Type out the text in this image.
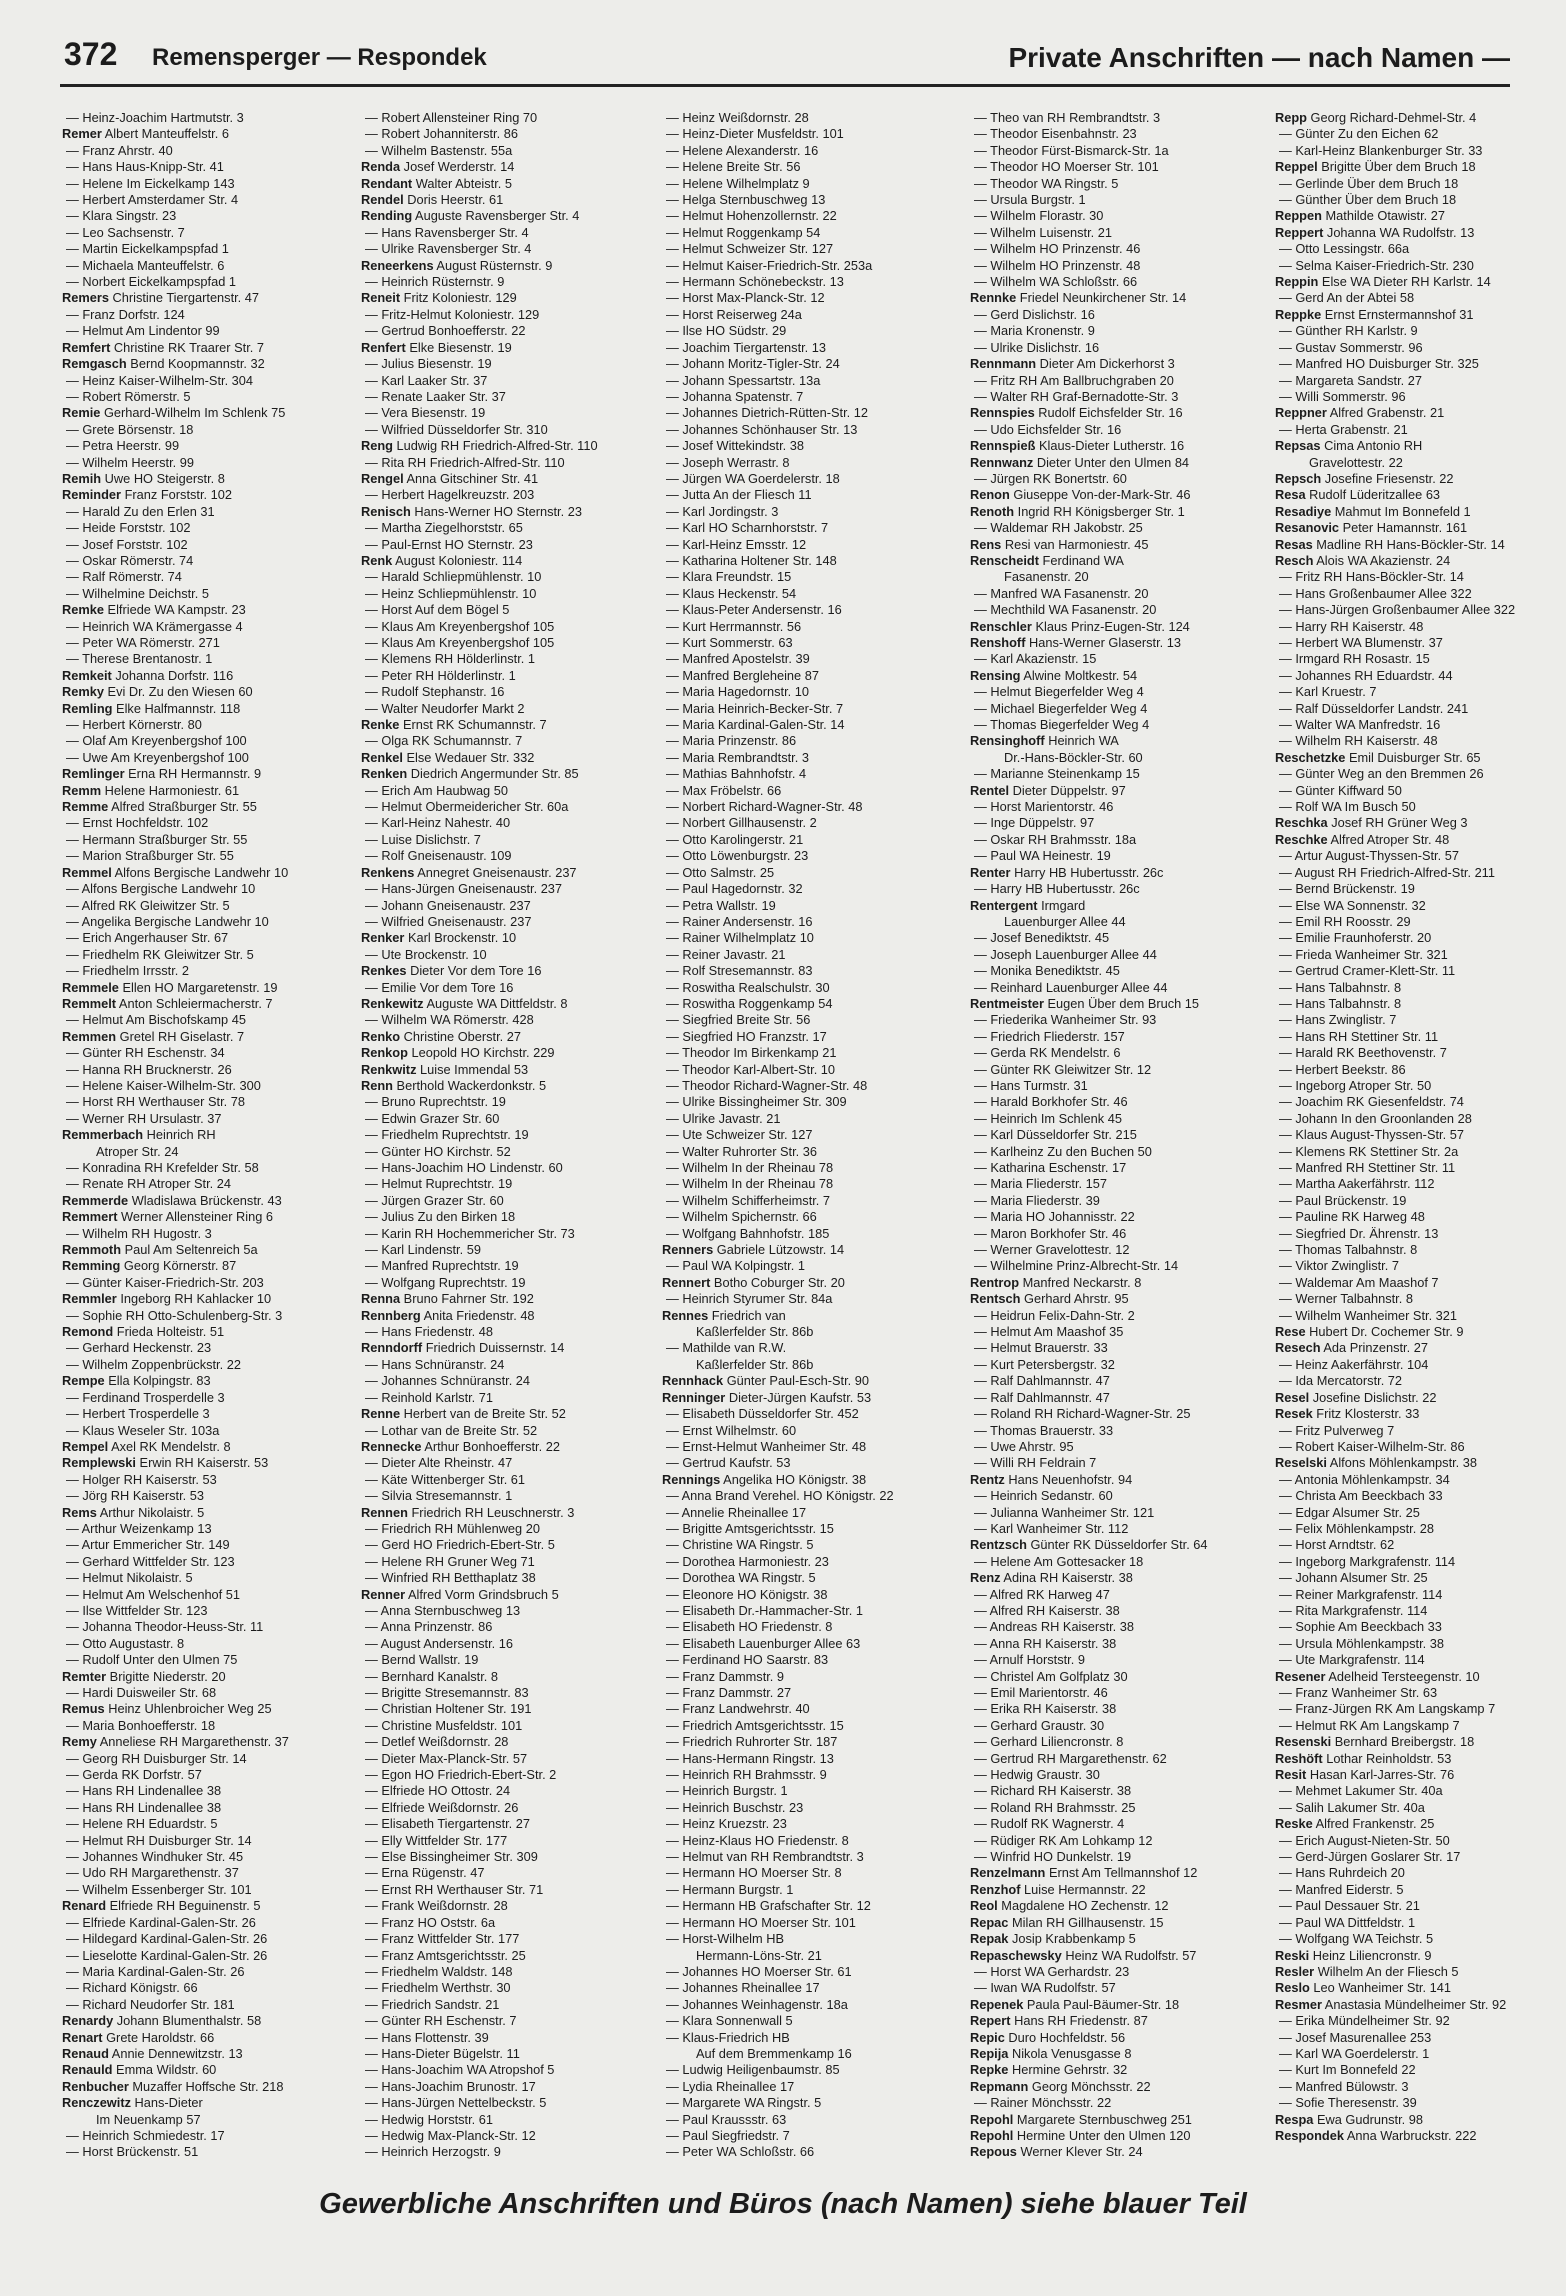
372 Remensperger — Respondek	Private Anschriften — nach Namen —
— Heinz-Joachim Hartmutstr. 3
Remer Albert Manteuffelstr. 6
— Franz Ahrstr. 40
— Hans Haus-Knipp-Str. 41
— Helene Im Eickelkamp 143
— Herbert Amsterdamer Str. 4
— Klara Singstr. 23
— Leo Sachsenstr. 7
— Martin Eickelkampspfad 1
— Michaela Manteuffelstr. 6
— Norbert Eickelkampspfad 1
Remers Christine Tiergartenstr. 47
— Franz Dorfstr. 124
— Helmut Am Lindentor 99
Remfert Christine RK Traarer Str. 7
Remgasch Bernd Koopmannstr. 32
— Heinz Kaiser-Wilhelm-Str. 304
— Robert Römerstr. 5
Remie Gerhard-Wilhelm Im Schlenk 75
— Grete Börsenstr. 18
— Petra Heerstr. 99
— Wilhelm Heerstr. 99
Remih Uwe HO Steigerstr. 8
Reminder Franz Forststr. 102
— Harald Zu den Erlen 31
— Heide Forststr. 102
— Josef Forststr. 102
— Oskar Römerstr. 74
— Ralf Römerstr. 74
— Wilhelmine Deichstr. 5
Remke Elfriede WA Kampstr. 23
— Heinrich WA Krämergasse 4
— Peter WA Römerstr. 271
— Therese Brentanostr. 1
Remkeit Johanna Dorfstr. 116
Remky Evi Dr. Zu den Wiesen 60
Remling Elke Halfmannstr. 118
— Herbert Körnerstr. 80
— Olaf Am Kreyenbergshof 100
— Uwe Am Kreyenbergshof 100
Remlinger Erna RH Hermannstr. 9
Remm Helene Harmoniestr. 61
Remme Alfred Straßburger Str. 55
— Ernst Hochfeldstr. 102
— Hermann Straßburger Str. 55
— Marion Straßburger Str. 55
Remmel Alfons Bergische Landwehr 10
— Alfons Bergische Landwehr 10
— Alfred RK Gleiwitzer Str. 5
— Angelika Bergische Landwehr 10
— Erich Angerhauser Str. 67
— Friedhelm RK Gleiwitzer Str. 5
— Friedhelm Irrsstr. 2
Remmele Ellen HO Margaretenstr. 19
Remmelt Anton Schleiermacherstr. 7
— Helmut Am Bischofskamp 45
Remmen Gretel RH Giselastr. 7
— Günter RH Eschenstr. 34
— Hanna RH Brucknerstr. 26
— Helene Kaiser-Wilhelm-Str. 300
— Horst RH Werthauser Str. 78
— Werner RH Ursulastr. 37
Remmerbach Heinrich RH
Atroper Str. 24
— Konradina RH Krefelder Str. 58
— Renate RH Atroper Str. 24
Remmerde Wladislawa Brückenstr. 43
Remmert Werner Allensteiner Ring 6
— Wilhelm RH Hugostr. 3
Remmoth Paul Am Seltenreich 5a
Remming Georg Körnerstr. 87
— Günter Kaiser-Friedrich-Str. 203
Remmler Ingeborg RH Kahlacker 10
— Sophie RH Otto-Schulenberg-Str. 3
Remond Frieda Holteistr. 51
— Gerhard Heckenstr. 23
— Wilhelm Zoppenbrückstr. 22
Rempe Ella Kolpingstr. 83
— Ferdinand Trosperdelle 3
— Herbert Trosperdelle 3
— Klaus Weseler Str. 103a
Rempel Axel RK Mendelstr. 8
Remplewski Erwin RH Kaiserstr. 53
— Holger RH Kaiserstr. 53
— Jörg RH Kaiserstr. 53
Rems Arthur Nikolaistr. 5
— Arthur Weizenkamp 13
— Artur Emmericher Str. 149
— Gerhard Wittfelder Str. 123
— Helmut Nikolaistr. 5
— Helmut Am Welschenhof 51
— Ilse Wittfelder Str. 123
— Johanna Theodor-Heuss-Str. 11
— Otto Augustastr. 8
— Rudolf Unter den Ulmen 75
Remter Brigitte Niederstr. 20
— Hardi Duisweiler Str. 68
Remus Heinz Uhlenbroicher Weg 25
— Maria Bonhoefferstr. 18
Remy Anneliese RH Margarethenstr. 37
— Georg RH Duisburger Str. 14
— Gerda RK Dorfstr. 57
— Hans RH Lindenallee 38
— Hans RH Lindenallee 38
— Helene RH Eduardstr. 5
— Helmut RH Duisburger Str. 14
— Johannes Windhuker Str. 45
— Udo RH Margarethenstr. 37
— Wilhelm Essenberger Str. 101
Renard Elfriede RH Beguinenstr. 5
— Elfriede Kardinal-Galen-Str. 26
— Hildegard Kardinal-Galen-Str. 26
— Lieselotte Kardinal-Galen-Str. 26
— Maria Kardinal-Galen-Str. 26
— Richard Königstr. 66
— Richard Neudorfer Str. 181
Renardy Johann Blumenthalstr. 58
Renart Grete Haroldstr. 66
Renaud Annie Dennewitzstr. 13
Renauld Emma Wildstr. 60
Renbucher Muzaffer Hoffsche Str. 218
Renczewitz Hans-Dieter
Im Neuenkamp 57
— Heinrich Schmiedestr. 17
— Horst Brückenstr. 51
— Robert Allensteiner Ring 70
— Robert Johanniterstr. 86
— Wilhelm Bastenstr. 55a
Renda Josef Werderstr. 14
Rendant Walter Abteistr. 5
Rendel Doris Heerstr. 61
Rending Auguste Ravensberger Str. 4
— Hans Ravensberger Str. 4
— Ulrike Ravensberger Str. 4
Reneerkens August Rüsternstr. 9
— Heinrich Rüsternstr. 9
Reneit Fritz Koloniestr. 129
— Fritz-Helmut Koloniestr. 129
— Gertrud Bonhoefferstr. 22
Renfert Elke Biesenstr. 19
— Julius Biesenstr. 19
— Karl Laaker Str. 37
— Renate Laaker Str. 37
— Vera Biesenstr. 19
— Wilfried Düsseldorfer Str. 310
Reng Ludwig RH Friedrich-Alfred-Str. 110
— Rita RH Friedrich-Alfred-Str. 110
Rengel Anna Gitschiner Str. 41
— Herbert Hagelkreuzstr. 203
Renisch Hans-Werner HO Sternstr. 23
— Martha Ziegelhorststr. 65
— Paul-Ernst HO Sternstr. 23
Renk August Koloniestr. 114
— Harald Schliepmühlenstr. 10
— Heinz Schliepmühlenstr. 10
— Horst Auf dem Bögel 5
— Klaus Am Kreyenbergshof 105
— Klaus Am Kreyenbergshof 105
— Klemens RH Hölderlinstr. 1
— Peter RH Hölderlinstr. 1
— Rudolf Stephanstr. 16
— Walter Neudorfer Markt 2
Renke Ernst RK Schumannstr. 7
— Olga RK Schumannstr. 7
Renkel Else Wedauer Str. 332
Renken Diedrich Angermunder Str. 85
— Erich Am Haubwag 50
— Helmut Obermeidericher Str. 60a
— Karl-Heinz Nahestr. 40
— Luise Dislichstr. 7
— Rolf Gneisenaustr. 109
Renkens Annegret Gneisenaustr. 237
— Hans-Jürgen Gneisenaustr. 237
— Johann Gneisenaustr. 237
— Wilfried Gneisenaustr. 237
Renker Karl Brockenstr. 10
— Ute Brockenstr. 10
Renkes Dieter Vor dem Tore 16
— Emilie Vor dem Tore 16
Renkewitz Auguste WA Dittfeldstr. 8
— Wilhelm WA Römerstr. 428
Renko Christine Oberstr. 27
Renkop Leopold HO Kirchstr. 229
Renkwitz Luise Immendal 53
Renn Berthold Wackerdonkstr. 5
— Bruno Ruprechtstr. 19
— Edwin Grazer Str. 60
— Friedhelm Ruprechtstr. 19
— Günter HO Kirchstr. 52
— Hans-Joachim HO Lindenstr. 60
— Helmut Ruprechtstr. 19
— Jürgen Grazer Str. 60
— Julius Zu den Birken 18
— Karin RH Hochemmericher Str. 73
— Karl Lindenstr. 59
— Manfred Ruprechtstr. 19
— Wolfgang Ruprechtstr. 19
Renna Bruno Fahrner Str. 192
Rennberg Anita Friedenstr. 48
— Hans Friedenstr. 48
Renndorff Friedrich Duissernstr. 14
— Hans Schnüranstr. 24
— Johannes Schnüranstr. 24
— Reinhold Karlstr. 71
Renne Herbert van de Breite Str. 52
— Lothar van de Breite Str. 52
Rennecke Arthur Bonhoefferstr. 22
— Dieter Alte Rheinstr. 47
— Käte Wittenberger Str. 61
— Silvia Stresemannstr. 1
Rennen Friedrich RH Leuschnerstr. 3
— Friedrich RH Mühlenweg 20
— Gerd HO Friedrich-Ebert-Str. 5
— Helene RH Gruner Weg 71
— Winfried RH Betthaplatz 38
Renner Alfred Vorm Grindsbruch 5
— Anna Sternbuschweg 13
— Anna Prinzenstr. 86
— August Andersenstr. 16
— Bernd Wallstr. 19
— Bernhard Kanalstr. 8
— Brigitte Stresemannstr. 83
— Christian Holtener Str. 191
— Christine Musfeldstr. 101
— Detlef Weißdornstr. 28
— Dieter Max-Planck-Str. 57
— Egon HO Friedrich-Ebert-Str. 2
— Elfriede HO Ottostr. 24
— Elfriede Weißdornstr. 26
— Elisabeth Tiergartenstr. 27
— Elly Wittfelder Str. 177
— Else Bissingheimer Str. 309
— Erna Rügenstr. 47
— Ernst RH Werthauser Str. 71
— Frank Weißdornstr. 28
— Franz HO Oststr. 6a
— Franz Wittfelder Str. 177
— Franz Amtsgerichtsstr. 25
— Friedhelm Waldstr. 148
— Friedhelm Werthstr. 30
— Friedrich Sandstr. 21
— Günter RH Eschenstr. 7
— Hans Flottenstr. 39
— Hans-Dieter Bügelstr. 11
— Hans-Joachim WA Atropshof 5
— Hans-Joachim Brunostr. 17
— Hans-Jürgen Nettelbeckstr. 5
— Hedwig Horststr. 61
— Hedwig Max-Planck-Str. 12
— Heinrich Herzogstr. 9
— Heinz Weißdornstr. 28
— Heinz-Dieter Musfeldstr. 101
— Helene Alexanderstr. 16
— Helene Breite Str. 56
— Helene Wilhelmplatz 9
— Helga Sternbuschweg 13
— Helmut Hohenzollernstr. 22
— Helmut Roggenkamp 54
— Helmut Schweizer Str. 127
— Helmut Kaiser-Friedrich-Str. 253a
— Hermann Schönebeckstr. 13
— Horst Max-Planck-Str. 12
— Horst Reiserweg 24a
— Ilse HO Südstr. 29
— Joachim Tiergartenstr. 13
— Johann Moritz-Tigler-Str. 24
— Johann Spessartstr. 13a
— Johanna Spatenstr. 7
— Johannes Dietrich-Rütten-Str. 12
— Johannes Schönhauser Str. 13
— Josef Wittekindstr. 38
— Joseph Werrastr. 8
— Jürgen WA Goerdelerstr. 18
— Jutta An der Fliesch 11
— Karl Jordingstr. 3
— Karl HO Scharnhorststr. 7
— Karl-Heinz Emsstr. 12
— Katharina Holtener Str. 148
— Klara Freundstr. 15
— Klaus Heckenstr. 54
— Klaus-Peter Andersenstr. 16
— Kurt Herrmannstr. 56
— Kurt Sommerstr. 63
— Manfred Apostelstr. 39
— Manfred Bergleheine 87
— Maria Hagedornstr. 10
— Maria Heinrich-Becker-Str. 7
— Maria Kardinal-Galen-Str. 14
— Maria Prinzenstr. 86
— Maria Rembrandtstr. 3
— Mathias Bahnhofstr. 4
— Max Fröbelstr. 66
— Norbert Richard-Wagner-Str. 48
— Norbert Gillhausenstr. 2
— Otto Karolingerstr. 21
— Otto Löwenburgstr. 23
— Otto Salmstr. 25
— Paul Hagedornstr. 32
— Petra Wallstr. 19
— Rainer Andersenstr. 16
— Rainer Wilhelmplatz 10
— Reiner Javastr. 21
— Rolf Stresemannstr. 83
— Roswitha Realschulstr. 30
— Roswitha Roggenkamp 54
— Siegfried Breite Str. 56
— Siegfried HO Franzstr. 17
— Theodor Im Birkenkamp 21
— Theodor Karl-Albert-Str. 10
— Theodor Richard-Wagner-Str. 48
— Ulrike Bissingheimer Str. 309
— Ulrike Javastr. 21
— Ute Schweizer Str. 127
— Walter Ruhrorter Str. 36
— Wilhelm In der Rheinau 78
— Wilhelm In der Rheinau 78
— Wilhelm Schifferheimstr. 7
— Wilhelm Spichernstr. 66
— Wolfgang Bahnhofstr. 185
Renners Gabriele Lützowstr. 14
— Paul WA Kolpingstr. 1
Rennert Botho Coburger Str. 20
— Heinrich Styrumer Str. 84a
Rennes Friedrich van
Kaßlerfelder Str. 86b
— Mathilde van R.W.
Kaßlerfelder Str. 86b
Rennhack Günter Paul-Esch-Str. 90
Renninger Dieter-Jürgen Kaufstr. 53
— Elisabeth Düsseldorfer Str. 452
— Ernst Wilhelmstr. 60
— Ernst-Helmut Wanheimer Str. 48
— Gertrud Kaufstr. 53
Rennings Angelika HO Königstr. 38
— Anna Brand Verehel. HO Königstr. 22
— Annelie Rheinallee 17
— Brigitte Amtsgerichtsstr. 15
— Christine WA Ringstr. 5
— Dorothea Harmoniestr. 23
— Dorothea WA Ringstr. 5
— Eleonore HO Königstr. 38
— Elisabeth Dr.-Hammacher-Str. 1
— Elisabeth HO Friedenstr. 8
— Elisabeth Lauenburger Allee 63
— Ferdinand HO Saarstr. 83
— Franz Dammstr. 9
— Franz Dammstr. 27
— Franz Landwehrstr. 40
— Friedrich Amtsgerichtsstr. 15
— Friedrich Ruhrorter Str. 187
— Hans-Hermann Ringstr. 13
— Heinrich RH Brahmsstr. 9
— Heinrich Burgstr. 1
— Heinrich Buschstr. 23
— Heinz Kruezstr. 23
— Heinz-Klaus HO Friedenstr. 8
— Helmut van RH Rembrandtstr. 3
— Hermann HO Moerser Str. 8
— Hermann Burgstr. 1
— Hermann HB Grafschafter Str. 12
— Hermann HO Moerser Str. 101
— Horst-Wilhelm HB
Hermann-Löns-Str. 21
— Johannes HO Moerser Str. 61
— Johannes Rheinallee 17
— Johannes Weinhagenstr. 18a
— Klara Sonnenwall 5
— Klaus-Friedrich HB
Auf dem Bremmenkamp 16
— Ludwig Heiligenbaumstr. 85
— Lydia Rheinallee 17
— Margarete WA Ringstr. 5
— Paul Kraussstr. 63
— Paul Siegfriedstr. 7
— Peter WA Schloßstr. 66
— Theo van RH Rembrandtstr. 3
— Theodor Eisenbahnstr. 23
— Theodor Fürst-Bismarck-Str. 1a
— Theodor HO Moerser Str. 101
— Theodor WA Ringstr. 5
— Ursula Burgstr. 1
— Wilhelm Florastr. 30
— Wilhelm Luisenstr. 21
— Wilhelm HO Prinzenstr. 46
— Wilhelm HO Prinzenstr. 48
— Wilhelm WA Schloßstr. 66
Rennke Friedel Neunkirchener Str. 14
— Gerd Dislichstr. 16
— Maria Kronenstr. 9
— Ulrike Dislichstr. 16
Rennmann Dieter Am Dickerhorst 3
— Fritz RH Am Ballbruchgraben 20
— Walter RH Graf-Bernadotte-Str. 3
Rennspies Rudolf Eichsfelder Str. 16
— Udo Eichsfelder Str. 16
Rennspieß Klaus-Dieter Lutherstr. 16
Rennwanz Dieter Unter den Ulmen 84
— Jürgen RK Bonertstr. 60
Renon Giuseppe Von-der-Mark-Str. 46
Renoth Ingrid RH Königsberger Str. 1
— Waldemar RH Jakobstr. 25
Rens Resi van Harmoniestr. 45
Renscheidt Ferdinand WA
Fasanenstr. 20
— Manfred WA Fasanenstr. 20
— Mechthild WA Fasanenstr. 20
Renschler Klaus Prinz-Eugen-Str. 124
Renshoff Hans-Werner Glaserstr. 13
— Karl Akazienstr. 15
Rensing Alwine Moltkestr. 54
— Helmut Biegerfelder Weg 4
— Michael Biegerfelder Weg 4
— Thomas Biegerfelder Weg 4
Rensinghoff Heinrich WA
Dr.-Hans-Böckler-Str. 60
— Marianne Steinenkamp 15
Rentel Dieter Düppelstr. 97
— Horst Marientorstr. 46
— Inge Düppelstr. 97
— Oskar RH Brahmsstr. 18a
— Paul WA Heinestr. 19
Renter Harry HB Hubertusstr. 26c
— Harry HB Hubertusstr. 26c
Rentergent Irmgard
Lauenburger Allee 44
— Josef Benediktstr. 45
— Joseph Lauenburger Allee 44
— Monika Benediktstr. 45
— Reinhard Lauenburger Allee 44
Rentmeister Eugen Über dem Bruch 15
— Friederika Wanheimer Str. 93
— Friedrich Fliederstr. 157
— Gerda RK Mendelstr. 6
— Günter RK Gleiwitzer Str. 12
— Hans Turmstr. 31
— Harald Borkhofer Str. 46
— Heinrich Im Schlenk 45
— Karl Düsseldorfer Str. 215
— Karlheinz Zu den Buchen 50
— Katharina Eschenstr. 17
— Maria Fliederstr. 157
— Maria Fliederstr. 39
— Maria HO Johannisstr. 22
— Maron Borkhofer Str. 46
— Werner Gravelottestr. 12
— Wilhelmine Prinz-Albrecht-Str. 14
Rentrop Manfred Neckarstr. 8
Rentsch Gerhard Ahrstr. 95
— Heidrun Felix-Dahn-Str. 2
— Helmut Am Maashof 35
— Helmut Brauerstr. 33
— Kurt Petersbergstr. 32
— Ralf Dahlmannstr. 47
— Ralf Dahlmannstr. 47
— Roland RH Richard-Wagner-Str. 25
— Thomas Brauerstr. 33
— Uwe Ahrstr. 95
— Willi RH Feldrain 7
Rentz Hans Neuenhofstr. 94
— Heinrich Sedanstr. 60
— Julianna Wanheimer Str. 121
— Karl Wanheimer Str. 112
Rentzsch Günter RK Düsseldorfer Str. 64
— Helene Am Gottesacker 18
Renz Adina RH Kaiserstr. 38
— Alfred RK Harweg 47
— Alfred RH Kaiserstr. 38
— Andreas RH Kaiserstr. 38
— Anna RH Kaiserstr. 38
— Arnulf Horststr. 9
— Christel Am Golfplatz 30
— Emil Marientorstr. 46
— Erika RH Kaiserstr. 38
— Gerhard Graustr. 30
— Gerhard Liliencronstr. 8
— Gertrud RH Margarethenstr. 62
— Hedwig Graustr. 30
— Richard RH Kaiserstr. 38
— Roland RH Brahmsstr. 25
— Rudolf RK Wagnerstr. 4
— Rüdiger RK Am Lohkamp 12
— Winfrid HO Dunkelstr. 19
Renzelmann Ernst Am Tellmannshof 12
Renzhof Luise Hermannstr. 22
Reol Magdalene HO Zechenstr. 12
Repac Milan RH Gillhausenstr. 15
Repak Josip Krabbenkamp 5
Repaschewsky Heinz WA Rudolfstr. 57
— Horst WA Gerhardstr. 23
— Iwan WA Rudolfstr. 57
Repenek Paula Paul-Bäumer-Str. 18
Repert Hans RH Friedenstr. 87
Repic Duro Hochfeldstr. 56
Repija Nikola Venusgasse 8
Repke Hermine Gehrstr. 32
Repmann Georg Mönchsstr. 22
— Rainer Mönchsstr. 22
Repohl Margarete Sternbuschweg 251
Repohl Hermine Unter den Ulmen 120
Repous Werner Klever Str. 24
Repp Georg Richard-Dehmel-Str. 4
— Günter Zu den Eichen 62
— Karl-Heinz Blankenburger Str. 33
Reppel Brigitte Über dem Bruch 18
— Gerlinde Über dem Bruch 18
— Günther Über dem Bruch 18
Reppen Mathilde Otawistr. 27
Reppert Johanna WA Rudolfstr. 13
— Otto Lessingstr. 66a
— Selma Kaiser-Friedrich-Str. 230
Reppin Else WA Dieter RH Karlstr. 14
— Gerd An der Abtei 58
Reppke Ernst Ernstermannshof 31
— Günther RH Karlstr. 9
— Gustav Sommerstr. 96
— Manfred HO Duisburger Str. 325
— Margareta Sandstr. 27
— Willi Sommerstr. 96
Reppner Alfred Grabenstr. 21
— Herta Grabenstr. 21
Repsas Cima Antonio RH
Gravelottestr. 22
Repsch Josefine Friesenstr. 22
Resa Rudolf Lüderitzallee 63
Resadiye Mahmut Im Bonnefeld 1
Resanovic Peter Hamannstr. 161
Resas Madline RH Hans-Böckler-Str. 14
Resch Alois WA Akazienstr. 24
— Fritz RH Hans-Böckler-Str. 14
— Hans Großenbaumer Allee 322
— Hans-Jürgen Großenbaumer Allee 322
— Harry RH Kaiserstr. 48
— Herbert WA Blumenstr. 37
— Irmgard RH Rosastr. 15
— Johannes RH Eduardstr. 44
— Karl Kruestr. 7
— Ralf Düsseldorfer Landstr. 241
— Walter WA Manfredstr. 16
— Wilhelm RH Kaiserstr. 48
Reschetzke Emil Duisburger Str. 65
— Günter Weg an den Bremmen 26
— Günter Kiffward 50
— Rolf WA Im Busch 50
Reschka Josef RH Grüner Weg 3
Reschke Alfred Atroper Str. 48
— Artur August-Thyssen-Str. 57
— August RH Friedrich-Alfred-Str. 211
— Bernd Brückenstr. 19
— Else WA Sonnenstr. 32
— Emil RH Roosstr. 29
— Emilie Fraunhoferstr. 20
— Frieda Wanheimer Str. 321
— Gertrud Cramer-Klett-Str. 11
— Hans Talbahnstr. 8
— Hans Talbahnstr. 8
— Hans Zwinglistr. 7
— Hans RH Stettiner Str. 11
— Harald RK Beethovenstr. 7
— Herbert Beekstr. 86
— Ingeborg Atroper Str. 50
— Joachim RK Giesenfeldstr. 74
— Johann In den Groonlanden 28
— Klaus August-Thyssen-Str. 57
— Klemens RK Stettiner Str. 2a
— Manfred RH Stettiner Str. 11
— Martha Aakerfährstr. 112
— Paul Brückenstr. 19
— Pauline RK Harweg 48
— Siegfried Dr. Ährenstr. 13
— Thomas Talbahnstr. 8
— Viktor Zwinglistr. 7
— Waldemar Am Maashof 7
— Werner Talbahnstr. 8
— Wilhelm Wanheimer Str. 321
Rese Hubert Dr. Cochemer Str. 9
Resech Ada Prinzenstr. 27
— Heinz Aakerfährstr. 104
— Ida Mercatorstr. 72
Resel Josefine Dislichstr. 22
Resek Fritz Klosterstr. 33
— Fritz Pulverweg 7
— Robert Kaiser-Wilhelm-Str. 86
Reselski Alfons Möhlenkampstr. 38
— Antonia Möhlenkampstr. 34
— Christa Am Beeckbach 33
— Edgar Alsumer Str. 25
— Felix Möhlenkampstr. 28
— Horst Arndtstr. 62
— Ingeborg Markgrafenstr. 114
— Johann Alsumer Str. 25
— Reiner Markgrafenstr. 114
— Rita Markgrafenstr. 114
— Sophie Am Beeckbach 33
— Ursula Möhlenkampstr. 38
— Ute Markgrafenstr. 114
Resener Adelheid Tersteegenstr. 10
— Franz Wanheimer Str. 63
— Franz-Jürgen RK Am Langskamp 7
— Helmut RK Am Langskamp 7
Resenski Bernhard Breibergstr. 18
Reshöft Lothar Reinholdstr. 53
Resit Hasan Karl-Jarres-Str. 76
— Mehmet Lakumer Str. 40a
— Salih Lakumer Str. 40a
Reske Alfred Frankenstr. 25
— Erich August-Nieten-Str. 50
— Gerd-Jürgen Goslarer Str. 17
— Hans Ruhrdeich 20
— Manfred Eiderstr. 5
— Paul Dessauer Str. 21
— Paul WA Dittfeldstr. 1
— Wolfgang WA Teichstr. 5
Reski Heinz Liliencronstr. 9
Resler Wilhelm An der Fliesch 5
Reslo Leo Wanheimer Str. 141
Resmer Anastasia Mündelheimer Str. 92
— Erika Mündelheimer Str. 92
— Josef Masurenallee 253
— Karl WA Goerdelerstr. 1
— Kurt Im Bonnefeld 22
— Manfred Bülowstr. 3
— Sofie Theresenstr. 39
Respa Ewa Gudrunstr. 98
Respondek Anna Warbruckstr. 222
Gewerbliche Anschriften und Büros (nach Namen) siehe blauer Teil
